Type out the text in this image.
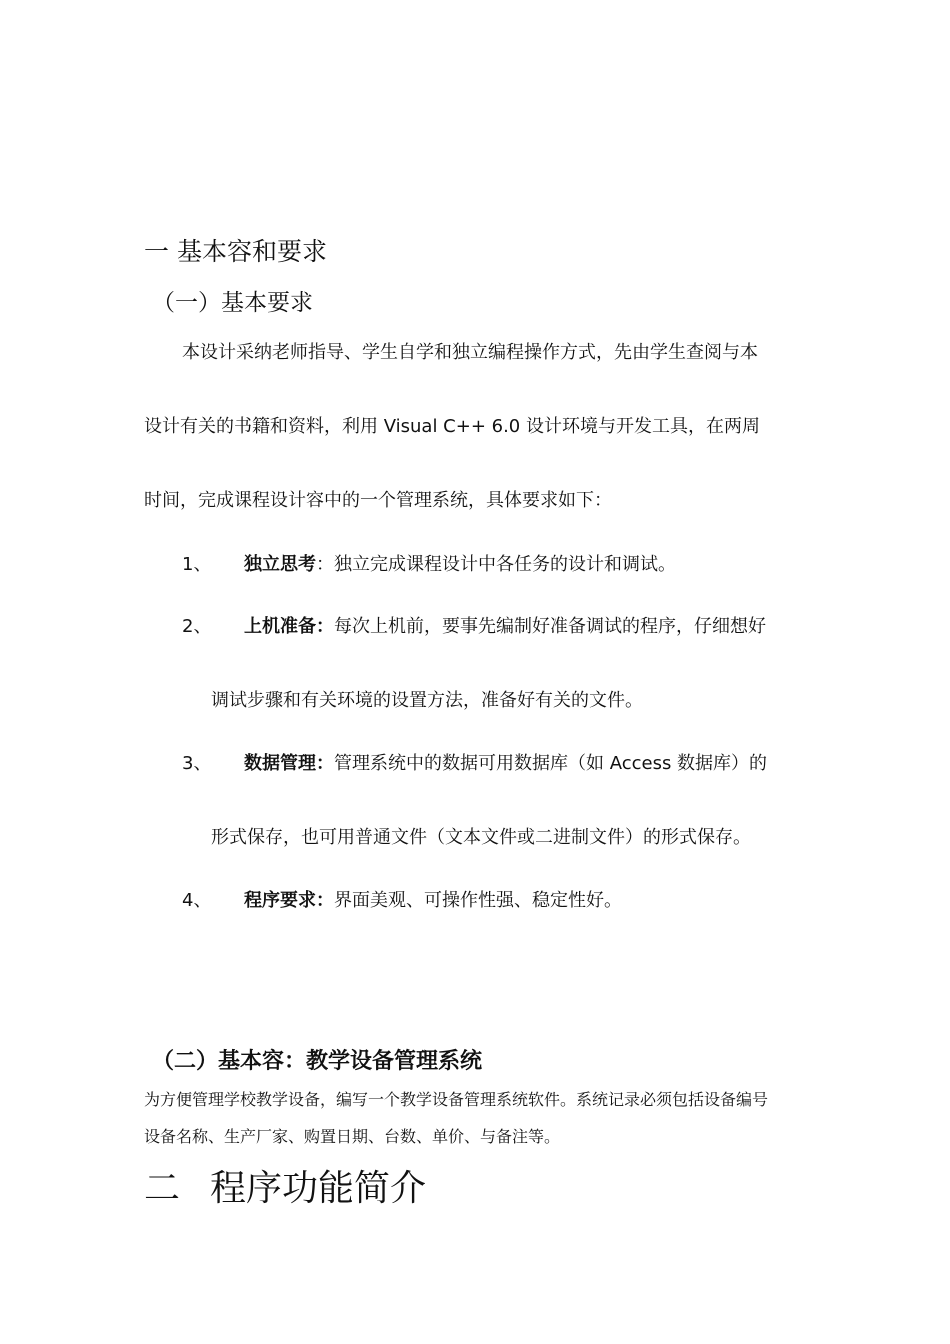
一 基本容和要求
（一）基本要求
本设计采纳老师指导、学生自学和独立编程操作方式，先由学生查阅与本
设计有关的书籍和资料，利用 Visual C++ 6.0 设计环境与开发工具，在两周
时间，完成课程设计容中的一个管理系统，具体要求如下：
1、 独立思考：独立完成课程设计中各任务的设计和调试。
2、 上机准备：每次上机前，要事先编制好准备调试的程序，仔细想好
调试步骤和有关环境的设置方法，准备好有关的文件。
3、 数据管理：管理系统中的数据可用数据库（如 Access 数据库）的
形式保存，也可用普通文件（文本文件或二进制文件）的形式保存。
4、 程序要求：界面美观、可操作性强、稳定性好。
（二）基本容：教学设备管理系统
为方便管理学校教学设备，编写一个教学设备管理系统软件。系统记录必须包括设备编号
设备名称、生产厂家、购置日期、台数、单价、与备注等。
二 程序功能简介
